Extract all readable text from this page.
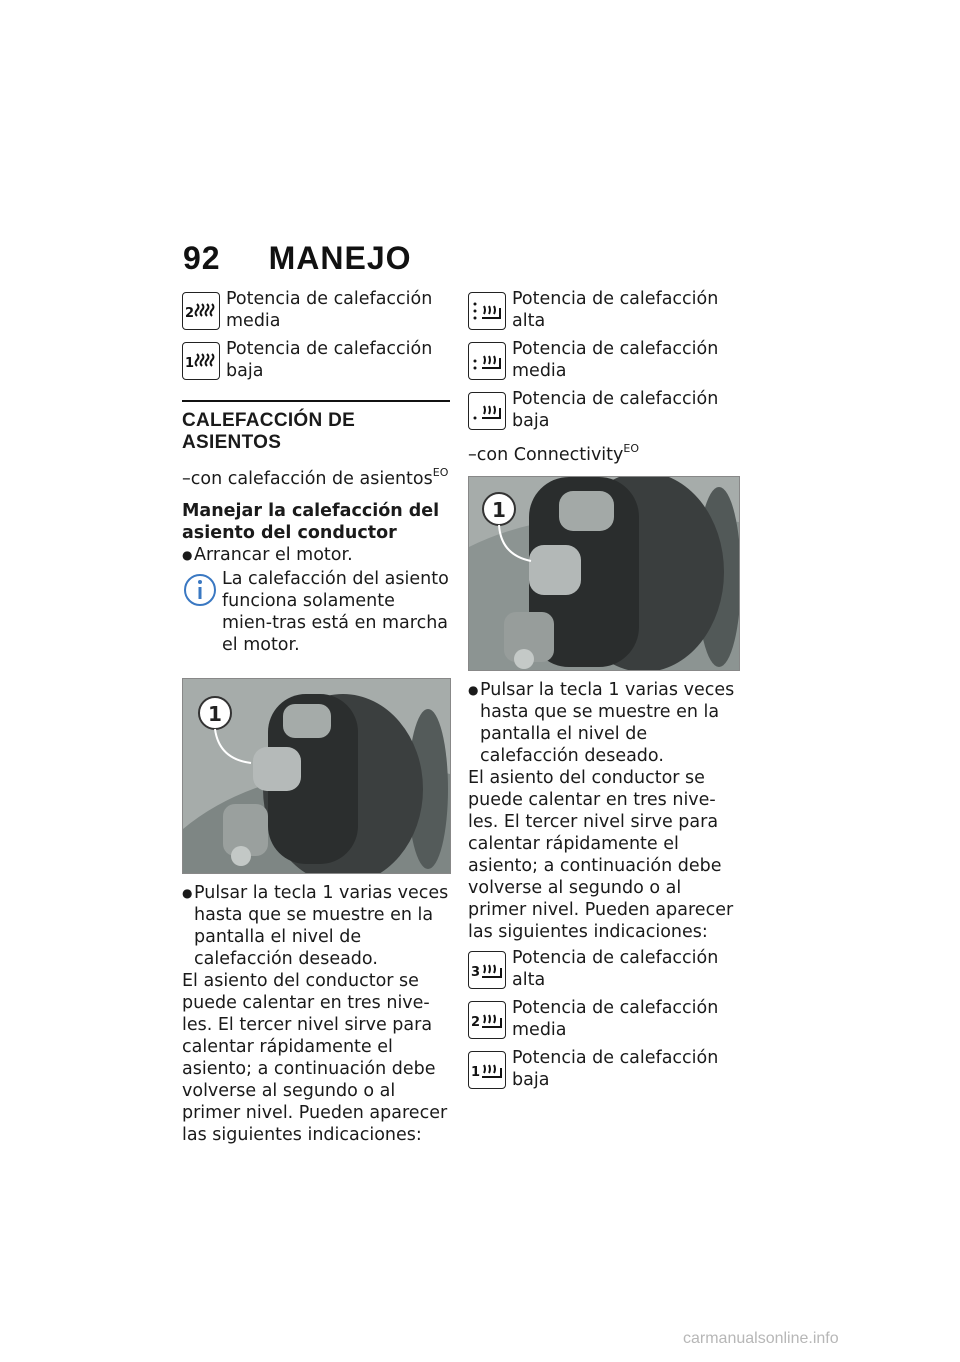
92 MANEJO
2
Potencia de calefacción media
1
Potencia de calefacción baja
CALEFACCIÓN DE ASIENTOS
–con calefacción de asientos$^{EO}$
Manejar la calefacción del asiento del conductor
● Arrancar el motor.
La calefacción del asiento funciona solamente mien-tras está en marcha el motor.
1
● Pulsar la tecla 1 varias veces hasta que se muestre en la pantalla el nivel de calefacción deseado.
El asiento del conductor se puede calentar en tres nive-les. El tercer nivel sirve para calentar rápidamente el asiento; a continuación debe volverse al segundo o al primer nivel. Pueden aparecer las siguientes indicaciones:
Potencia de calefacción alta
Potencia de calefacción media
Potencia de calefacción baja
–con Connectivity$^{EO}$
1
● Pulsar la tecla 1 varias veces hasta que se muestre en la pantalla el nivel de calefacción deseado.
El asiento del conductor se puede calentar en tres nive-les. El tercer nivel sirve para calentar rápidamente el asiento; a continuación debe volverse al segundo o al primer nivel. Pueden aparecer las siguientes indicaciones:
3
Potencia de calefacción alta
2
Potencia de calefacción media
1
Potencia de calefacción baja
carmanualsonline.info
